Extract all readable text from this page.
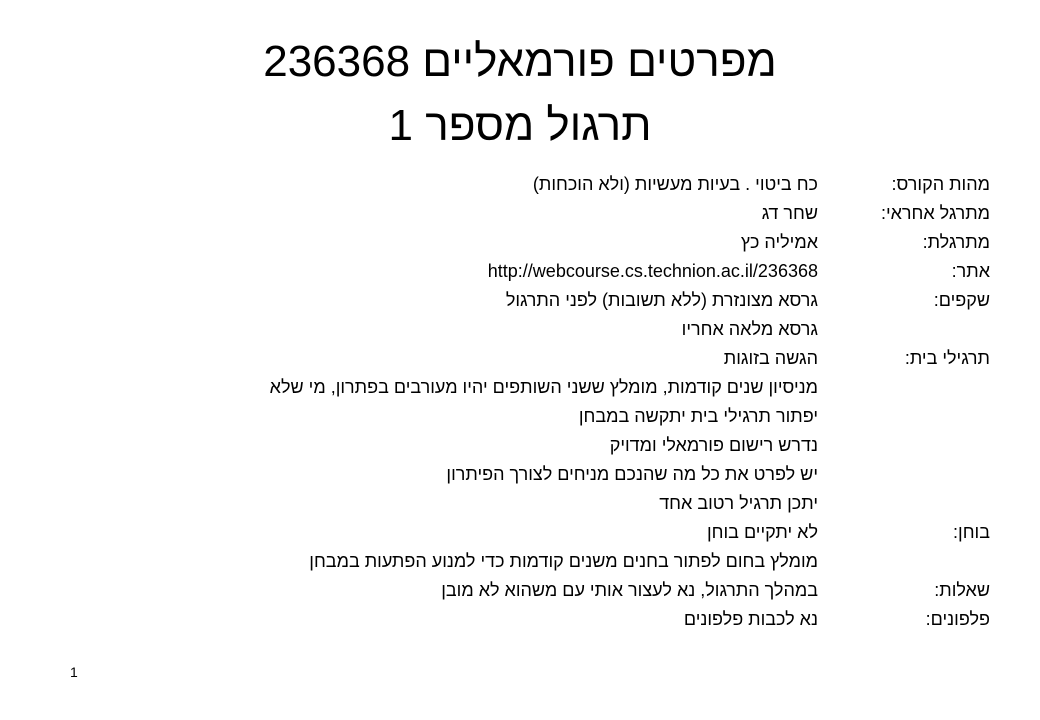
מפרטים פורמאליים 236368
תרגול מספר 1
מהות הקורס:
כח ביטוי . בעיות מעשיות (ולא הוכחות)
מתרגל אחראי:
שחר דג
מתרגלת:
אמיליה כץ
אתר:
http://webcourse.cs.technion.ac.il/236368
שקפים:
גרסא מצונזרת (ללא תשובות) לפני התרגול
גרסא מלאה אחריו
תרגילי בית:
הגשה בזוגות
מניסיון שנים קודמות, מומלץ ששני השותפים יהיו מעורבים בפתרון, מי שלא
יפתור תרגילי בית יתקשה במבחן
נדרש רישום פורמאלי ומדויק
יש לפרט את כל מה שהנכם מניחים לצורך הפיתרון
יתכן תרגיל רטוב אחד
בוחן:
לא יתקיים בוחן
מומלץ בחום לפתור בחנים משנים קודמות כדי למנוע הפתעות במבחן
שאלות:
במהלך התרגול, נא לעצור אותי עם משהוא לא מובן
פלפונים:
נא לכבות פלפונים
1
